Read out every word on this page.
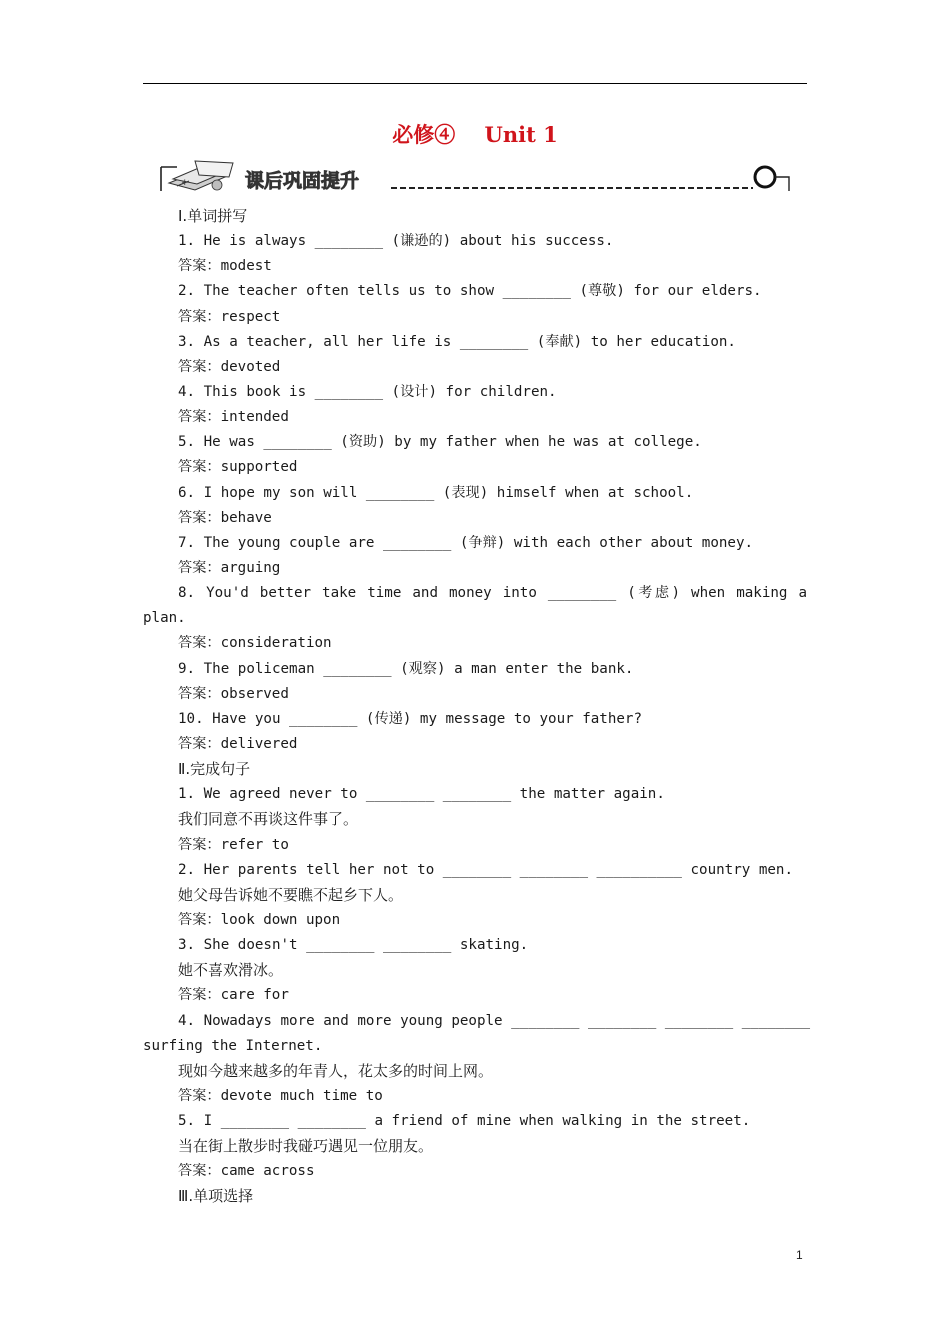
必修④    Unit 1
+	课后巩固提升
Ⅰ.单词拼写
1. He is always ________ (谦逊的) about his success.
答案：modest
2. The teacher often tells us to show ________ (尊敬) for our elders.
答案：respect
3. As a teacher, all her life is ________ (奉献) to her education.
答案：devoted
4. This book is ________ (设计) for children.
答案：intended
5. He was ________ (资助) by my father when he was at college.
答案：supported
6. I hope my son will ________ (表现) himself when at school.
答案：behave
7. The young couple are ________ (争辩) with each other about money.
答案：arguing
8. You'd better take time and money into ________ (考虑) when making a
plan.
答案：consideration
9. The policeman ________ (观察) a man enter the bank.
答案：observed
10. Have you ________ (传递) my message to your father?
答案：delivered
Ⅱ.完成句子
1. We agreed never to ________ ________ the matter again.
我们同意不再谈这件事了。
答案：refer to
2. Her parents tell her not to ________ ________ __________ country men.
她父母告诉她不要瞧不起乡下人。
答案：look down upon
3. She doesn't ________ ________ skating.
她不喜欢滑冰。
答案：care for
4. Nowadays more and more young people ________ ________ ________ ________
surfing the Internet.
现如今越来越多的年青人，花太多的时间上网。
答案：devote much time to
5. I ________ ________ a friend of mine when walking in the street.
当在街上散步时我碰巧遇见一位朋友。
答案：came across
Ⅲ.单项选择
1
